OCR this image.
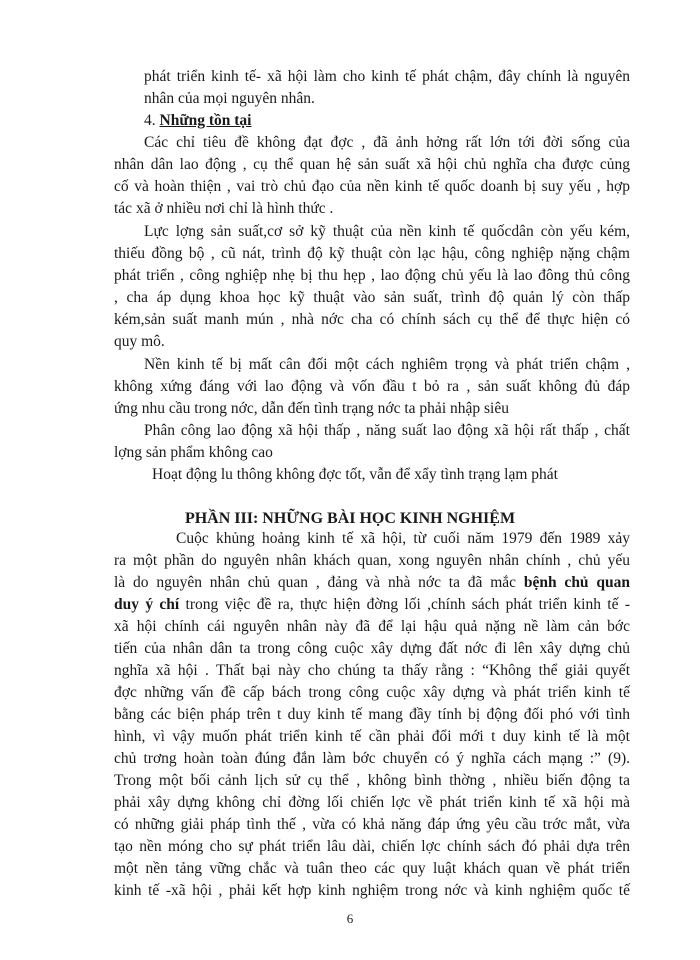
phát triển kinh tế- xã hội làm cho kinh tế phát chậm, đây chính là nguyên

nhân của mọi nguyên nhân.

4. Những tồn tại

Các chỉ tiêu đề không đạt đợc , đã ảnh hởng rất lớn tới đời sống của

nhân dân lao động , cụ thể quan hệ sản suất xã hội chủ nghĩa cha được củng

cố và hoàn thiện , vai trò chủ đạo của nền kinh tế quốc doanh bị suy yếu , hợp

tác xã ở nhiều nơi chỉ là hình thức .

Lực lợng sản suất,cơ sở kỹ thuật của nền kinh tế quốcdân còn yếu kém,

thiếu đồng bộ , cũ nát, trình độ kỹ thuật còn lạc hậu, công nghiệp nặng chậm

phát triển , công nghiệp nhẹ bị thu hẹp , lao động chủ yếu là lao đông thủ công

, cha áp dụng khoa học kỹ thuật vào sản suất, trình độ quản lý còn thấp

kém,sản suất manh mún , nhà nớc cha có chính sách cụ thể để thực hiện có

quy mô.

Nền kinh tế bị mất cân đối một cách nghiêm trọng và phát triển chậm ,

không xứng đáng với lao động và vốn đầu t bỏ ra , sản suất không đủ đáp

ứng nhu cầu trong nớc, dẫn đến tình trạng nớc ta phải nhập siêu

Phân công lao động xã hội thấp , năng suất lao động xã hội rất thấp , chất

lợng sản phẩm không cao

Hoạt động lu thông không đợc tốt, vẫn để xẩy tình trạng lạm phát

PHẦN III: NHỮNG BÀI HỌC KINH NGHIỆM

Cuộc khủng hoảng kinh tế xã hội, từ cuối năm 1979 đến 1989 xảy

ra một phần do nguyên nhân khách quan, xong nguyên nhân chính , chủ yếu

là do nguyên nhân chủ quan , đảng và nhà nớc ta đã mắc bệnh chủ quan

duy ý chí trong việc đề ra, thực hiện đờng lối ,chính sách phát triển kinh tế -

xã hội chính cái nguyên nhân này đã để lại hậu quả nặng nề làm cản bớc

tiến của nhân dân ta trong công cuộc xây dựng đất nớc đi lên xây dựng chủ

nghĩa xã hội . Thất bại này cho chúng ta thấy rằng : “Không thể giải quyết

đợc những vấn đề cấp bách trong công cuộc xây dựng và phát triển kinh tế

bằng các biện pháp trên t duy kinh tế mang đầy tính bị động đối phó với tình

hình, vì vậy muốn phát triển kinh tế cần phải đổi mới t duy kinh tế là một

chủ trơng hoàn toàn đúng đắn làm bớc chuyển có ý nghĩa cách mạng :” (9).

Trong một bối cảnh lịch sử cụ thể , không bình thờng , nhiều biến động ta

phải xây dựng không chỉ đờng lối chiến lợc về phát triển kinh tế xã hội mà

có những giải pháp tình thế , vừa có khả năng đáp ứng yêu cầu trớc mắt, vừa

tạo nền móng cho sự phát triển lâu dài, chiến lợc chính sách đó phải dựa trên

một nền tảng vững chắc và tuân theo các quy luật khách quan về phát triển

kinh tế -xã hội , phải kết hợp kinh nghiệm trong nớc và kinh nghiệm quốc tế

6
